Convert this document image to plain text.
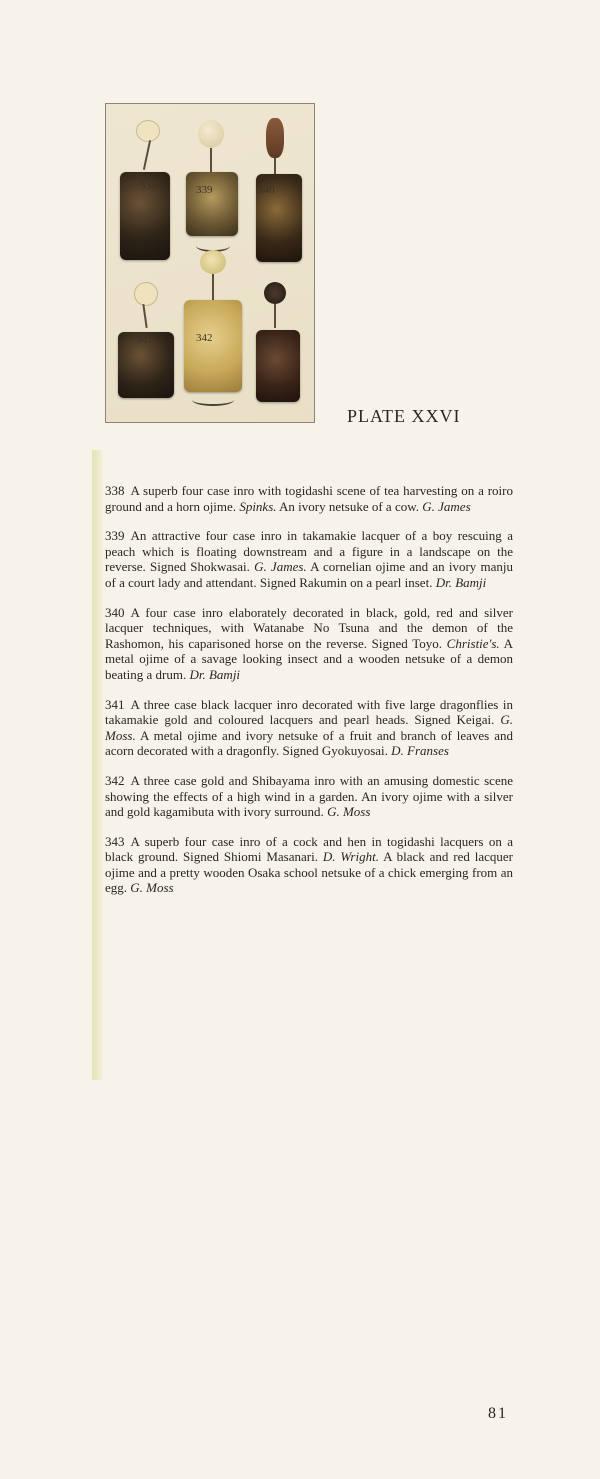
338	339	340
341	342	343
PLATE XXVI

338 A superb four case inro with togidashi scene of tea harvesting on a roiro ground and a horn ojime. Spinks. An ivory netsuke of a cow. G. James

339 An attractive four case inro in takamakie lacquer of a boy rescuing a peach which is floating downstream and a figure in a landscape on the reverse. Signed Shokwasai. G. James. A cornelian ojime and an ivory manju of a court lady and attendant. Signed Rakumin on a pearl inset. Dr. Bamji

340 A four case inro elaborately decorated in black, gold, red and silver lacquer techniques, with Watanabe No Tsuna and the demon of the Rashomon, his caparisoned horse on the reverse. Signed Toyo. Christie's. A metal ojime of a savage looking insect and a wooden netsuke of a demon beating a drum. Dr. Bamji

341 A three case black lacquer inro decorated with five large dragonflies in takamakie gold and coloured lacquers and pearl heads. Signed Keigai. G. Moss. A metal ojime and ivory netsuke of a fruit and branch of leaves and acorn decorated with a dragonfly. Signed Gyokuyosai. D. Franses

342 A three case gold and Shibayama inro with an amusing domestic scene showing the effects of a high wind in a garden. An ivory ojime with a silver and gold kagamibuta with ivory surround. G. Moss

343 A superb four case inro of a cock and hen in togidashi lacquers on a black ground. Signed Shiomi Masanari. D. Wright. A black and red lacquer ojime and a pretty wooden Osaka school netsuke of a chick emerging from an egg. G. Moss

81
